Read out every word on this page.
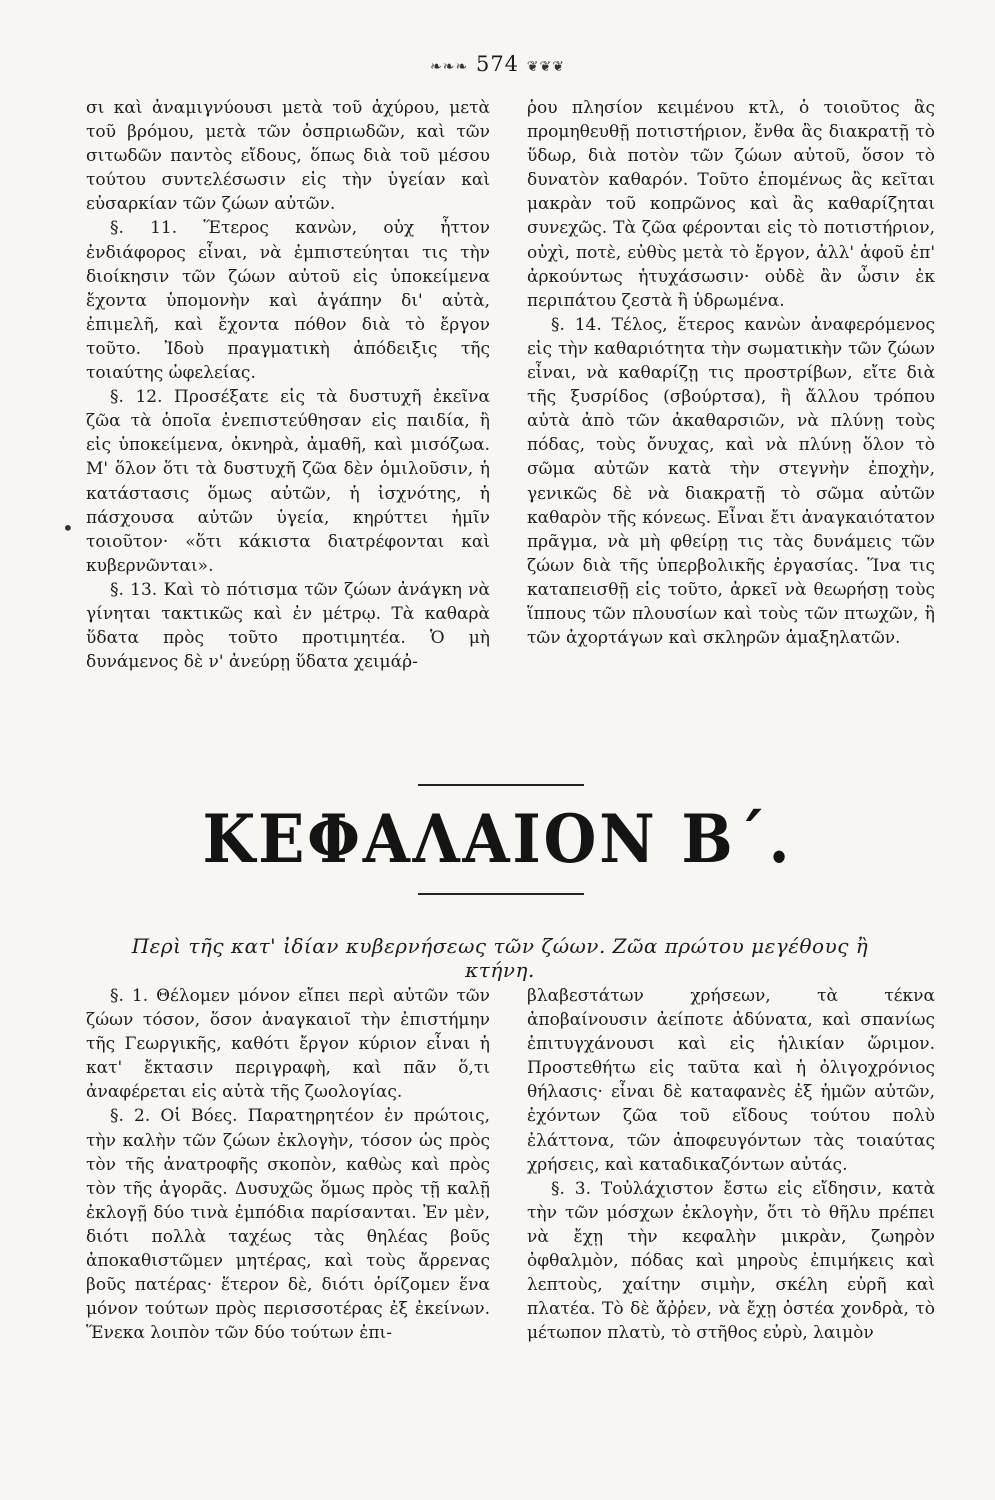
❧❧❧ 574 ❦❦❦
•

σι καὶ ἀναμιγνύουσι μετὰ τοῦ ἀχύρου, μετὰ τοῦ βρόμου, μετὰ τῶν ὀσπριωδῶν, καὶ τῶν σιτωδῶν παντὸς εἴδους, ὅπως διὰ τοῦ μέσου τούτου συντελέσωσιν εἰς τὴν ὑγείαν καὶ εὐσαρκίαν τῶν ζώων αὐτῶν.

§. 11. Ἕτερος κανὼν, οὐχ ἧττον ἐνδιάφορος εἶναι, νὰ ἐμπιστεύηται τις τὴν διοίκησιν τῶν ζώων αὐτοῦ εἰς ὑποκείμενα ἔχοντα ὑπομονὴν καὶ ἀγάπην δι' αὐτὰ, ἐπιμελῆ, καὶ ἔχοντα πόθον διὰ τὸ ἔργον τοῦτο. Ἰδοὺ πραγματικὴ ἀπόδειξις τῆς τοιαύτης ὠφελείας.

§. 12. Προσέξατε εἰς τὰ δυστυχῆ ἐκεῖνα ζῶα τὰ ὁποῖα ἐνεπιστεύθησαν εἰς παιδία, ἢ εἰς ὑποκείμενα, ὀκνηρὰ, ἀμαθῆ, καὶ μισόζωα. Μ' ὅλον ὅτι τὰ δυστυχῆ ζῶα δὲν ὁμιλοῦσιν, ἡ κατάστασις ὅμως αὐτῶν, ἡ ἰσχνότης, ἡ πάσχουσα αὐτῶν ὑγεία, κηρύττει ἡμῖν τοιοῦτον· «ὅτι κάκιστα διατρέφονται καὶ κυβερνῶνται».

§. 13. Καὶ τὸ πότισμα τῶν ζώων ἀνάγκη νὰ γίνηται τακτικῶς καὶ ἐν μέτρῳ. Τὰ καθαρὰ ὕδατα πρὸς τοῦτο προτιμητέα. Ὁ μὴ δυνάμενος δὲ ν' ἀνεύρῃ ὕδατα χειμάῤ-

ῥου πλησίον κειμένου κτλ, ὁ τοιοῦτος ἂς προμηθευθῇ ποτιστήριον, ἔνθα ἂς διακρατῇ τὸ ὕδωρ, διὰ ποτὸν τῶν ζώων αὐτοῦ, ὅσον τὸ δυνατὸν καθαρόν. Τοῦτο ἑπομένως ἂς κεῖται μακρὰν τοῦ κοπρῶνος καὶ ἂς καθαρίζηται συνεχῶς. Τὰ ζῶα φέρονται εἰς τὸ ποτιστήριον, οὐχὶ, ποτὲ, εὐθὺς μετὰ τὸ ἔργον, ἀλλ' ἀφοῦ ἐπ' ἀρκούντως ἡτυχάσωσιν· οὐδὲ ἂν ὦσιν ἐκ περιπάτου ζεστὰ ἢ ὑδρωμένα.

§. 14. Τέλος, ἕτερος κανὼν ἀναφερόμενος εἰς τὴν καθαριότητα τὴν σωματικὴν τῶν ζώων εἶναι, νὰ καθαρίζῃ τις προστρίβων, εἴτε διὰ τῆς ξυσρίδος (σβούρτσα), ἢ ἄλλου τρόπου αὐτὰ ἀπὸ τῶν ἀκαθαρσιῶν, νὰ πλύνῃ τοὺς πόδας, τοὺς ὄνυχας, καὶ νὰ πλύνῃ ὅλον τὸ σῶμα αὐτῶν κατὰ τὴν στεγνὴν ἐποχὴν, γενικῶς δὲ νὰ διακρατῇ τὸ σῶμα αὐτῶν καθαρὸν τῆς κόνεως. Εἶναι ἔτι ἀναγκαιότατον πρᾶγμα, νὰ μὴ φθείρῃ τις τὰς δυνάμεις τῶν ζώων διὰ τῆς ὑπερβολικῆς ἐργασίας. Ἵνα τις καταπεισθῇ εἰς τοῦτο, ἀρκεῖ νὰ θεωρήσῃ τοὺς ἵππους τῶν πλουσίων καὶ τοὺς τῶν πτωχῶν, ἢ τῶν ἀχορτάγων καὶ σκληρῶν ἁμαξηλατῶν.

ΚΕΦΑΛΑΙΟΝ Β΄.
Περὶ τῆς κατ' ἰδίαν κυβερνήσεως τῶν ζώων. Ζῶα πρώτου μεγέθους ἢ κτήνη.

§. 1. Θέλομεν μόνον εἴπει περὶ αὐτῶν τῶν ζώων τόσον, ὅσον ἀναγκαιοῖ τὴν ἐπιστήμην τῆς Γεωργικῆς, καθότι ἔργον κύριον εἶναι ἡ κατ' ἔκτασιν περιγραφὴ, καὶ πᾶν ὅ,τι ἀναφέρεται εἰς αὐτὰ τῆς ζωολογίας.

§. 2. Οἱ Βόες. Παρατηρητέον ἐν πρώτοις, τὴν καλὴν τῶν ζώων ἐκλογὴν, τόσον ὡς πρὸς τὸν τῆς ἀνατροφῆς σκοπὸν, καθὼς καὶ πρὸς τὸν τῆς ἀγορᾶς. Δυσυχῶς ὅμως πρὸς τῇ καλῇ ἐκλογῇ δύο τινὰ ἐμπόδια παρίσανται. Ἐν μὲν, διότι πολλὰ ταχέως τὰς θηλέας βοῦς ἀποκαθιστῶμεν μητέρας, καὶ τοὺς ἄρρενας βοῦς πατέρας· ἕτερον δὲ, διότι ὁρίζομεν ἕνα μόνον τούτων πρὸς περισσοτέρας ἐξ ἐκείνων. Ἕνεκα λοιπὸν τῶν δύο τούτων ἐπι-

βλαβεστάτων χρήσεων, τὰ τέκνα ἀποβαίνουσιν ἀείποτε ἀδύνατα, καὶ σπανίως ἐπιτυγχάνουσι καὶ εἰς ἡλικίαν ὥριμον. Προστεθήτω εἰς ταῦτα καὶ ἡ ὀλιγοχρόνιος θήλασις· εἶναι δὲ καταφανὲς ἐξ ἡμῶν αὐτῶν, ἐχόντων ζῶα τοῦ εἴδους τούτου πολὺ ἐλάττονα, τῶν ἀποφευγόντων τὰς τοιαύτας χρήσεις, καὶ καταδικαζόντων αὐτάς.

§. 3. Τοὐλάχιστον ἔστω εἰς εἴδησιν, κατὰ τὴν τῶν μόσχων ἐκλογὴν, ὅτι τὸ θῆλυ πρέπει νὰ ἔχῃ τὴν κεφαλὴν μικρὰν, ζωηρὸν ὀφθαλμὸν, πόδας καὶ μηροὺς ἐπιμήκεις καὶ λεπτοὺς, χαίτην σιμὴν, σκέλη εὐρῆ καὶ πλατέα. Τὸ δὲ ἄῤῥεν, νὰ ἔχῃ ὀστέα χονδρὰ, τὸ μέτωπον πλατὺ, τὸ στῆθος εὐρὺ, λαιμὸν
